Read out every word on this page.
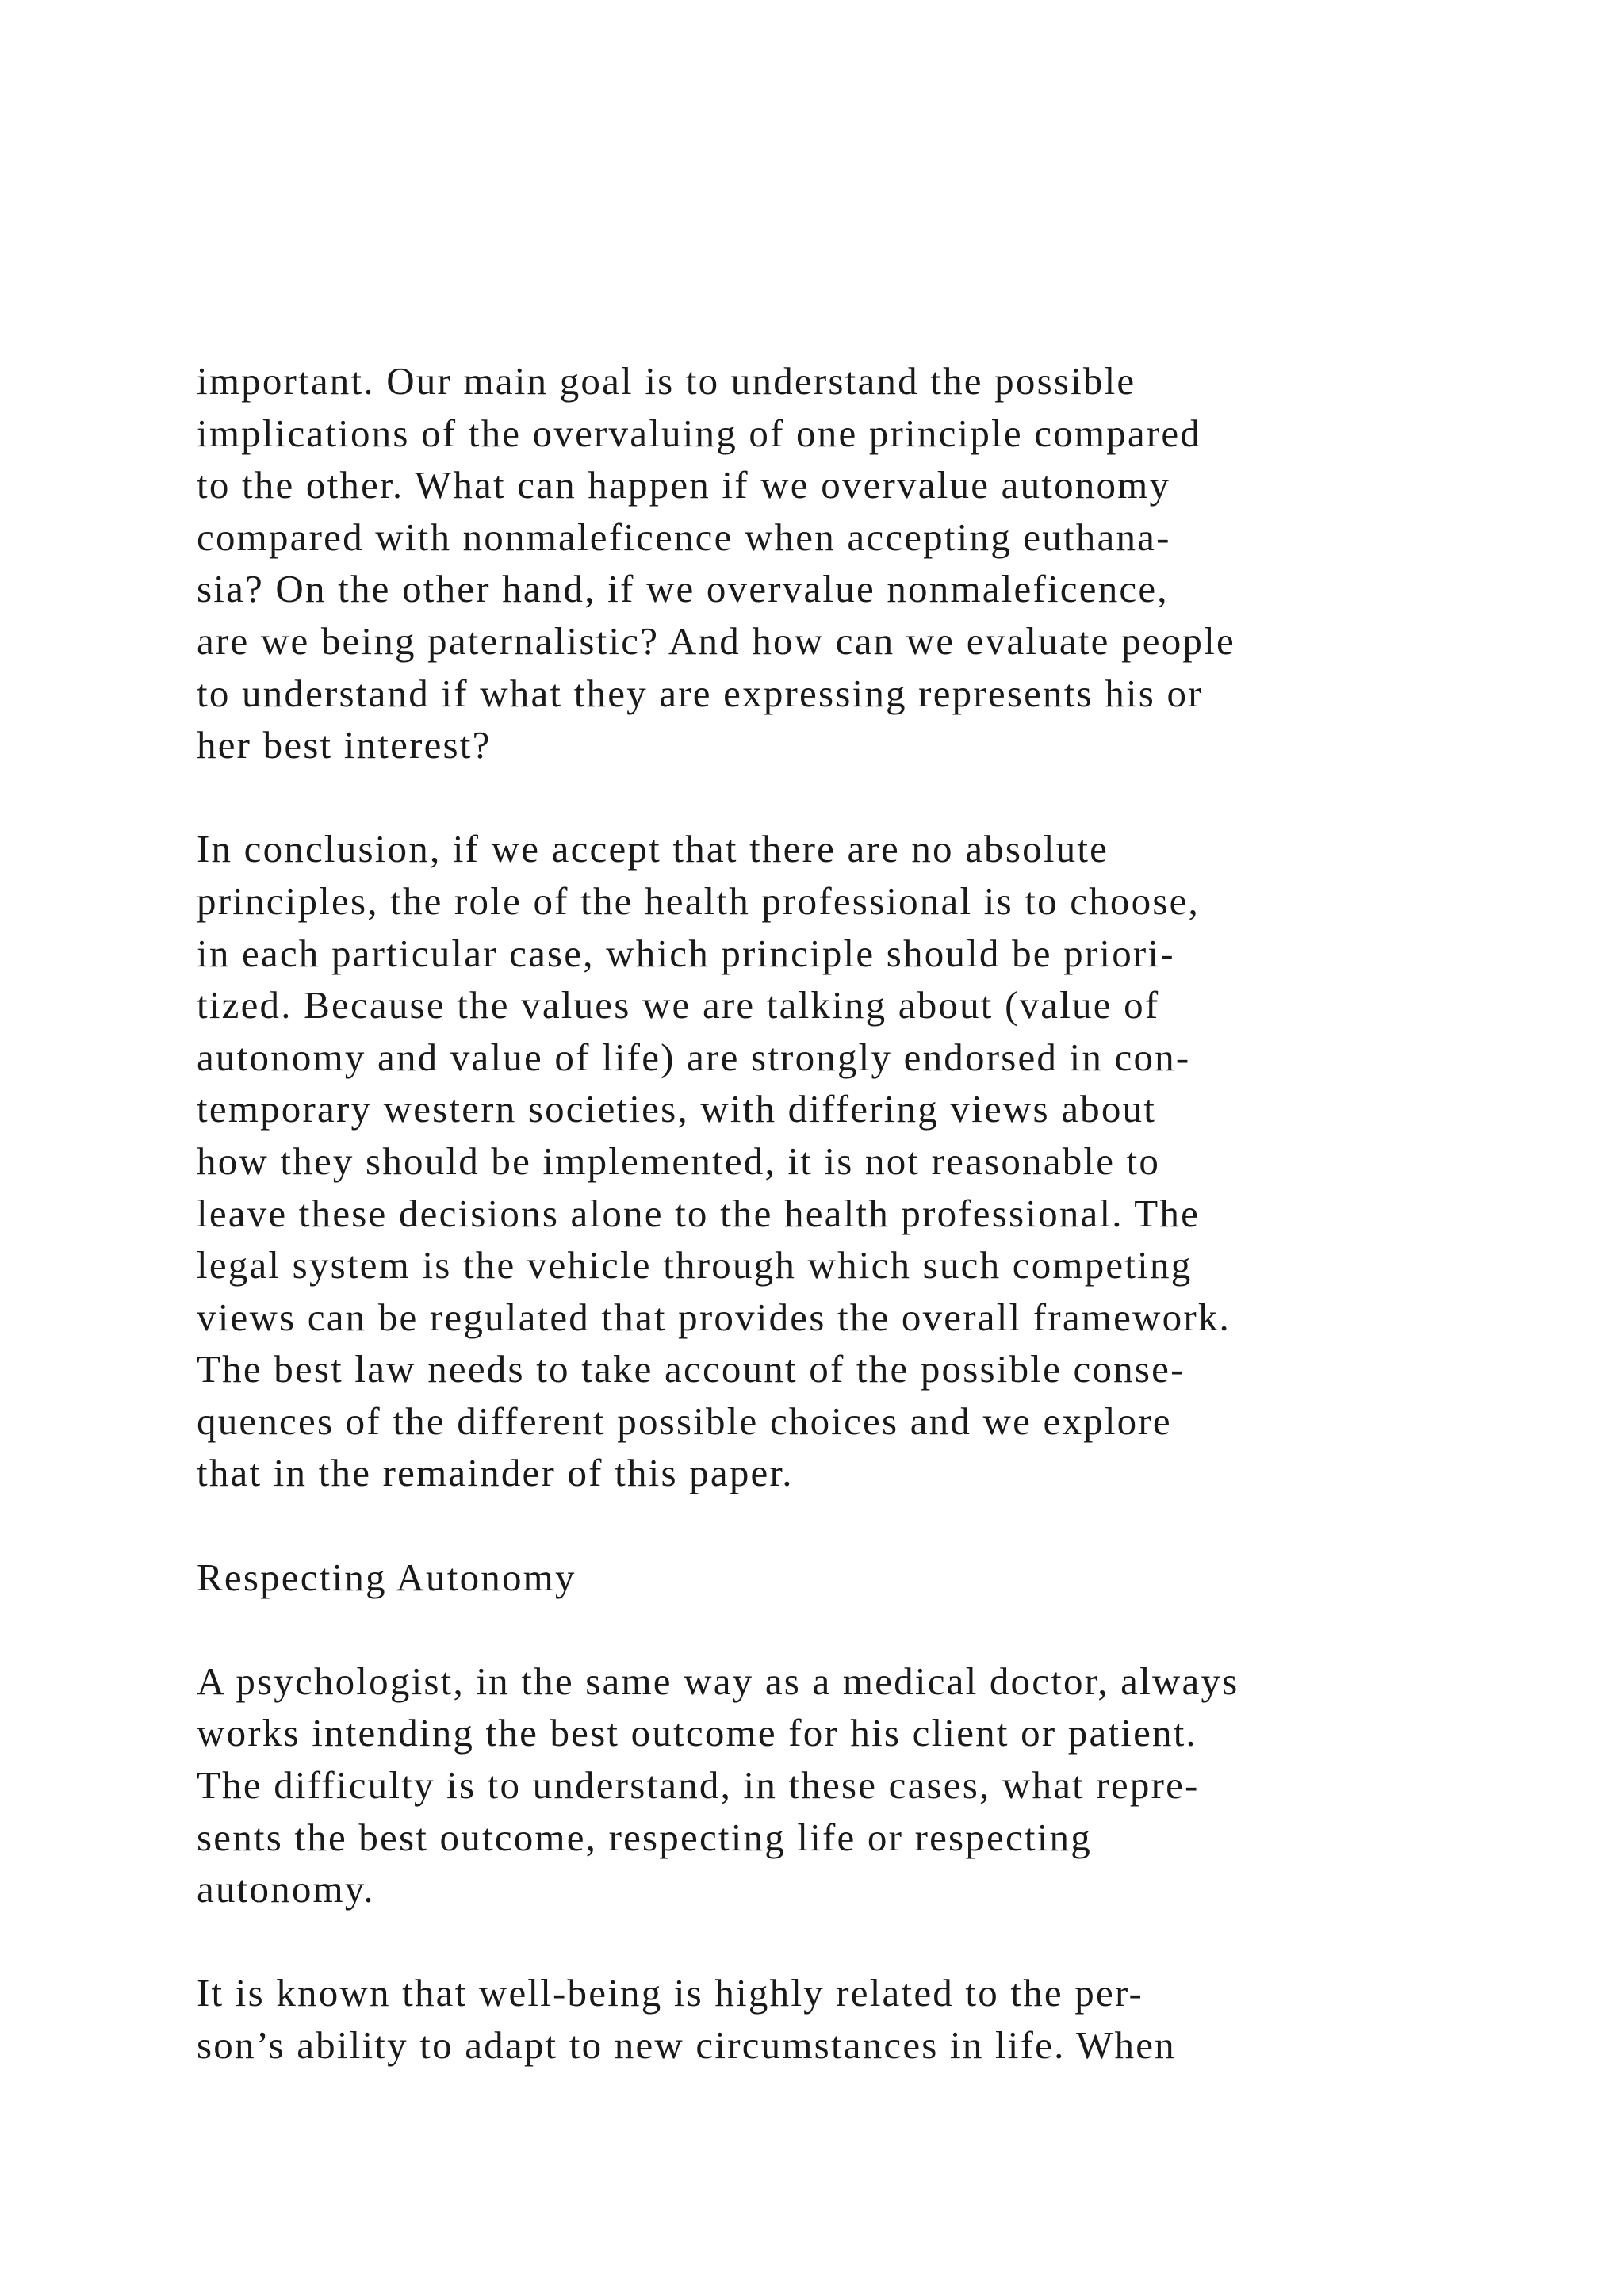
important. Our main goal is to understand the possible
implications of the overvaluing of one principle compared
to the other. What can happen if we overvalue autonomy
compared with nonmaleficence when accepting euthana-
sia? On the other hand, if we overvalue nonmaleficence,
are we being paternalistic? And how can we evaluate people
to understand if what they are expressing represents his or
her best interest?
In conclusion, if we accept that there are no absolute
principles, the role of the health professional is to choose,
in each particular case, which principle should be priori-
tized. Because the values we are talking about (value of
autonomy and value of life) are strongly endorsed in con-
temporary western societies, with differing views about
how they should be implemented, it is not reasonable to
leave these decisions alone to the health professional. The
legal system is the vehicle through which such competing
views can be regulated that provides the overall framework.
The best law needs to take account of the possible conse-
quences of the different possible choices and we explore
that in the remainder of this paper.
Respecting Autonomy
A psychologist, in the same way as a medical doctor, always
works intending the best outcome for his client or patient.
The difficulty is to understand, in these cases, what repre-
sents the best outcome, respecting life or respecting
autonomy.
It is known that well-being is highly related to the per-
son’s ability to adapt to new circumstances in life. When
